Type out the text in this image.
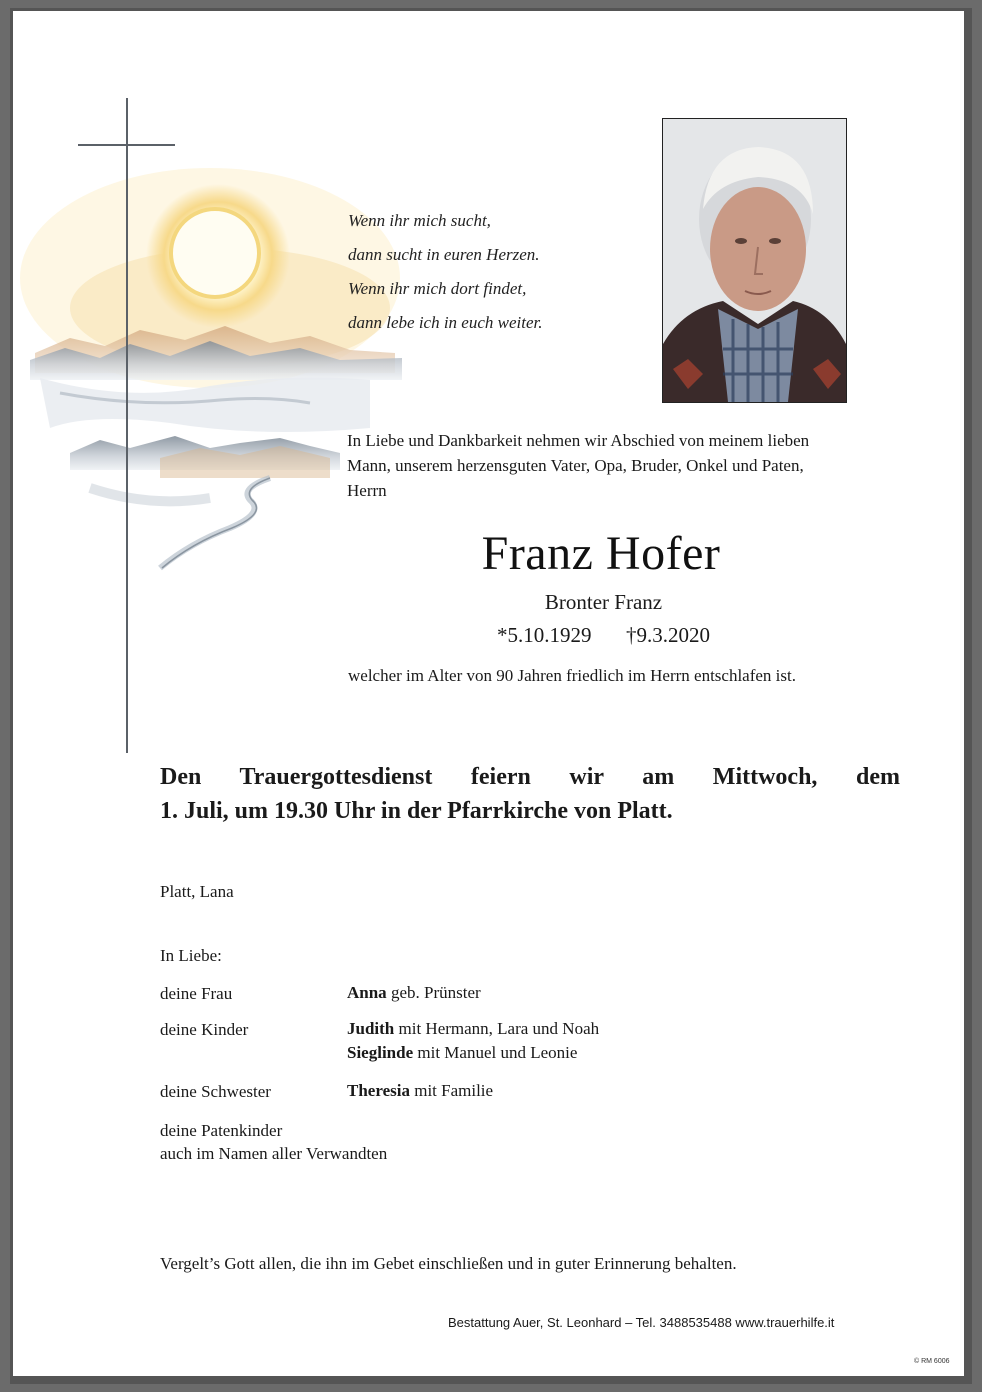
Wenn ihr mich sucht,
dann sucht in euren Herzen.
Wenn ihr mich dort findet,
dann lebe ich in euch weiter.
In Liebe und Dankbarkeit nehmen wir Abschied von meinem lieben
Mann, unserem herzensguten Vater, Opa, Bruder, Onkel und Paten,
Herrn
Franz Hofer
Bronter Franz
*5.10.1929 †9.3.2020
welcher im Alter von 90 Jahren friedlich im Herrn entschlafen ist.
Den Trauergottesdienst feiern wir am Mittwoch, dem
1. Juli, um 19.30 Uhr in der Pfarrkirche von Platt.
Platt, Lana
In Liebe:
deine Frau	Anna geb. Prünster
deine Kinder	Judith mit Hermann, Lara und Noah
Sieglinde mit Manuel und Leonie
deine Schwester	Theresia mit Familie
deine Patenkinder
auch im Namen aller Verwandten
Vergelt’s Gott allen, die ihn im Gebet einschließen und in guter Erinnerung behalten.
Bestattung Auer, St. Leonhard – Tel. 3488535488 www.trauerhilfe.it
© RM 6006
